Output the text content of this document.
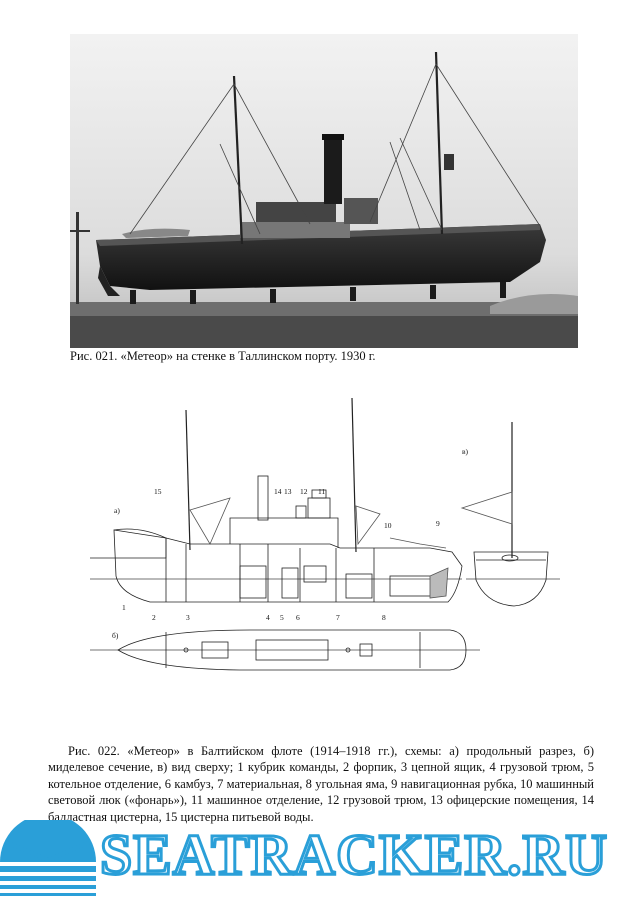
Рис. 021. «Метеор» на стенке в Таллинском порту. 1930 г.
а)
б)
в)
15	14 13 12 11
10	9
1
2	3	4 5 6	7	8

Рис. 022. «Метеор» в Балтийском флоте (1914–1918 гг.), схемы: а) продольный разрез, б) миделевое сечение, в) вид сверху; 1 кубрик команды, 2 форпик, 3 цепной ящик, 4 грузовой трюм, 5 котельное отделение, 6 камбуз, 7 материальная, 8 угольная яма, 9 навигационная рубка, 10 машинный световой люк («фонарь»), 11 машинное отделение, 12 грузовой трюм, 13 офицерские помещения, 14 балластная цистерна, 15 цистерна питьевой воды.

SEATRACKER.RU
